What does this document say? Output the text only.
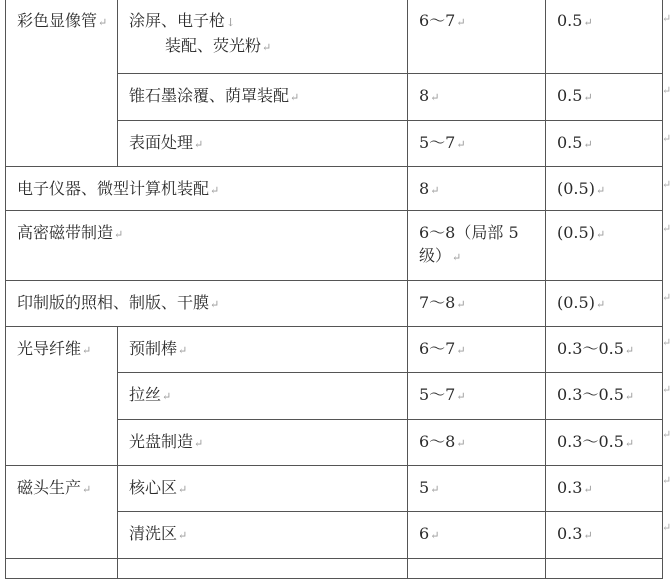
彩色显像管↵	涂屏、电子枪↓
装配、荧光粉↵	6～7↵	0.5↵

	锥石墨涂覆、荫罩装配↵	8↵	0.5↵

	表面处理↵	5～7↵	0.5↵

电子仪器、微型计算机装配↵		8↵	(0.5)↵

高密磁带制造↵		6～8（局部 5
级）↵	(0.5)↵

印制版的照相、制版、干膜↵		7～8↵	(0.5)↵

光导纤维↵	预制棒↵	6～7↵	0.3～0.5↵

	拉丝↵	5～7↵	0.3～0.5↵

	光盘制造↵	6～8↵	0.3～0.5↵

磁头生产↵	核心区↵	5↵	0.3↵

	清洗区↵	6↵	0.3↵

↵
↵
↵
↵
↵
↵
↵
↵
↵
↵
↵
